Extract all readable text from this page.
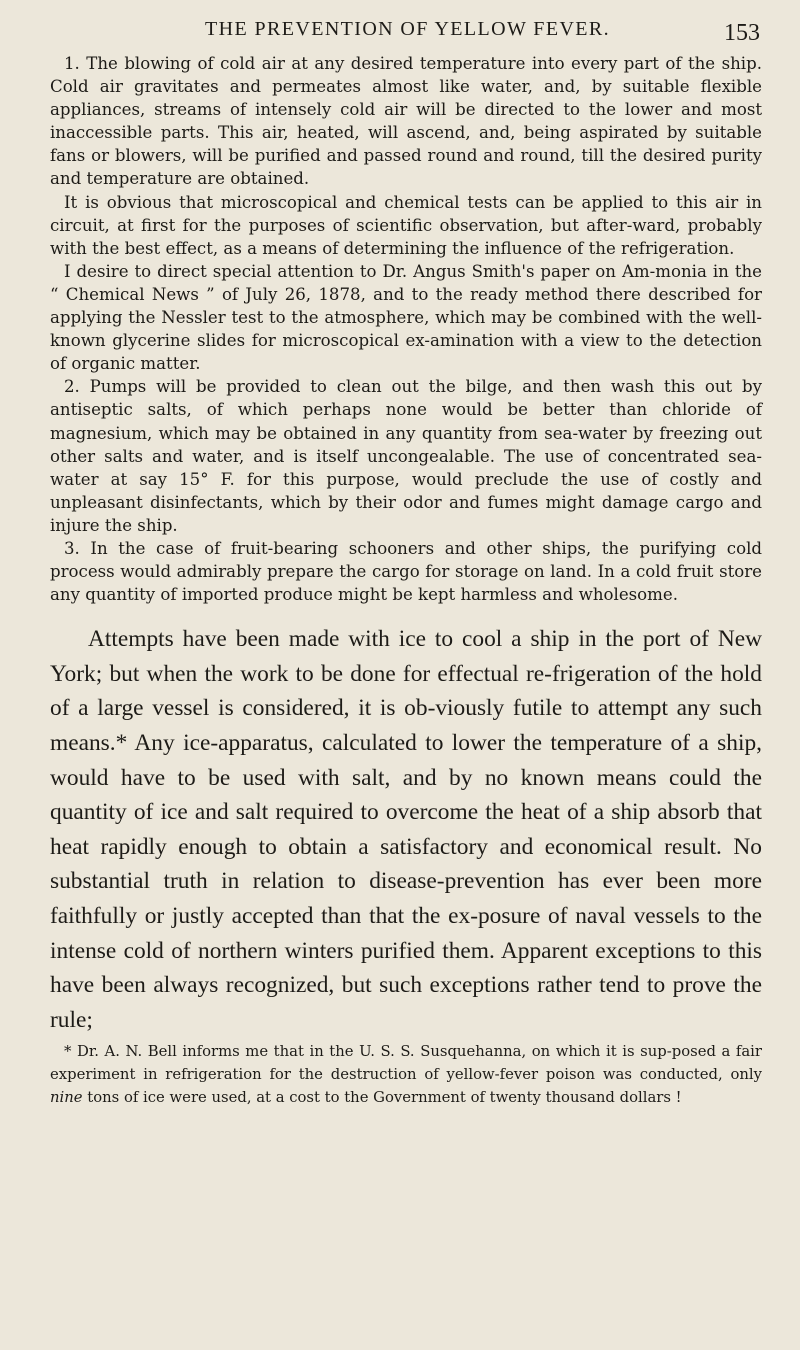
THE PREVENTION OF YELLOW FEVER.	153

1. The blowing of cold air at any desired temperature into every part of the ship. Cold air gravitates and permeates almost like water, and, by suitable flexible appliances, streams of intensely cold air will be directed to the lower and most inaccessible parts. This air, heated, will ascend, and, being aspirated by suitable fans or blowers, will be purified and passed round and round, till the desired purity and temperature are obtained.

It is obvious that microscopical and chemical tests can be applied to this air in circuit, at first for the purposes of scientific observation, but after-ward, probably with the best effect, as a means of determining the influence of the refrigeration.

I desire to direct special attention to Dr. Angus Smith's paper on Am-monia in the “ Chemical News ” of July 26, 1878, and to the ready method there described for applying the Nessler test to the atmosphere, which may be combined with the well-known glycerine slides for microscopical ex-amination with a view to the detection of organic matter.

2. Pumps will be provided to clean out the bilge, and then wash this out by antiseptic salts, of which perhaps none would be better than chloride of magnesium, which may be obtained in any quantity from sea-water by freezing out other salts and water, and is itself uncongealable. The use of concentrated sea-water at say 15° F. for this purpose, would preclude the use of costly and unpleasant disinfectants, which by their odor and fumes might damage cargo and injure the ship.

3. In the case of fruit-bearing schooners and other ships, the purifying cold process would admirably prepare the cargo for storage on land. In a cold fruit store any quantity of imported produce might be kept harmless and wholesome.

Attempts have been made with ice to cool a ship in the port of New York; but when the work to be done for effectual re-frigeration of the hold of a large vessel is considered, it is ob-viously futile to attempt any such means.* Any ice-apparatus, calculated to lower the temperature of a ship, would have to be used with salt, and by no known means could the quantity of ice and salt required to overcome the heat of a ship absorb that heat rapidly enough to obtain a satisfactory and economical result. No substantial truth in relation to disease-prevention has ever been more faithfully or justly accepted than that the ex-posure of naval vessels to the intense cold of northern winters purified them. Apparent exceptions to this have been always recognized, but such exceptions rather tend to prove the rule;

* Dr. A. N. Bell informs me that in the U. S. S. Susquehanna, on which it is sup-posed a fair experiment in refrigeration for the destruction of yellow-fever poison was conducted, only nine tons of ice were used, at a cost to the Government of twenty thousand dollars !
